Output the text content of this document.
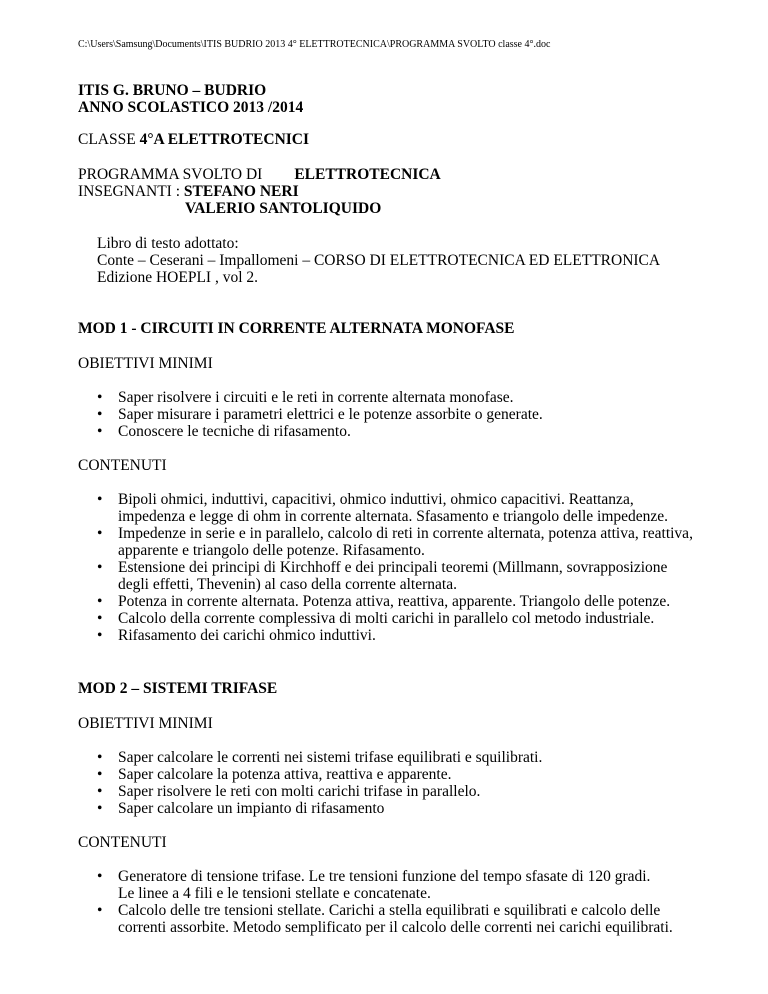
C:\Users\Samsung\Documents\ITIS BUDRIO 2013 4° ELETTROTECNICA\PROGRAMMA SVOLTO classe 4°.doc
ITIS G. BRUNO – BUDRIO
ANNO SCOLASTICO 2013 /2014
CLASSE 4°A ELETTROTECNICI
PROGRAMMA SVOLTO DI ELETTROTECNICA
INSEGNANTI : STEFANO NERI
VALERIO SANTOLIQUIDO
Libro di testo adottato:
Conte – Ceserani – Impallomeni – CORSO DI ELETTROTECNICA ED ELETTRONICA
Edizione HOEPLI , vol 2.
MOD 1 - CIRCUITI IN CORRENTE ALTERNATA MONOFASE
OBIETTIVI MINIMI
• Saper risolvere i circuiti e le reti in corrente alternata monofase.
• Saper misurare i parametri elettrici e le potenze assorbite o generate.
• Conoscere le tecniche di rifasamento.
CONTENUTI
• Bipoli ohmici, induttivi, capacitivi, ohmico induttivi, ohmico capacitivi. Reattanza,
impedenza e legge di ohm in corrente alternata. Sfasamento e triangolo delle impedenze.
• Impedenze in serie e in parallelo, calcolo di reti in corrente alternata, potenza attiva, reattiva,
apparente e triangolo delle potenze. Rifasamento.
• Estensione dei principi di Kirchhoff e dei principali teoremi (Millmann, sovrapposizione
degli effetti, Thevenin) al caso della corrente alternata.
• Potenza in corrente alternata. Potenza attiva, reattiva, apparente. Triangolo delle potenze.
• Calcolo della corrente complessiva di molti carichi in parallelo col metodo industriale.
• Rifasamento dei carichi ohmico induttivi.
MOD 2 – SISTEMI TRIFASE
OBIETTIVI MINIMI
• Saper calcolare le correnti nei sistemi trifase equilibrati e squilibrati.
• Saper calcolare la potenza attiva, reattiva e apparente.
• Saper risolvere le reti con molti carichi trifase in parallelo.
• Saper calcolare un impianto di rifasamento
CONTENUTI
• Generatore di tensione trifase. Le tre tensioni funzione del tempo sfasate di 120 gradi.
Le linee a 4 fili e le tensioni stellate e concatenate.
• Calcolo delle tre tensioni stellate. Carichi a stella equilibrati e squilibrati e calcolo delle
correnti assorbite. Metodo semplificato per il calcolo delle correnti nei carichi equilibrati.
